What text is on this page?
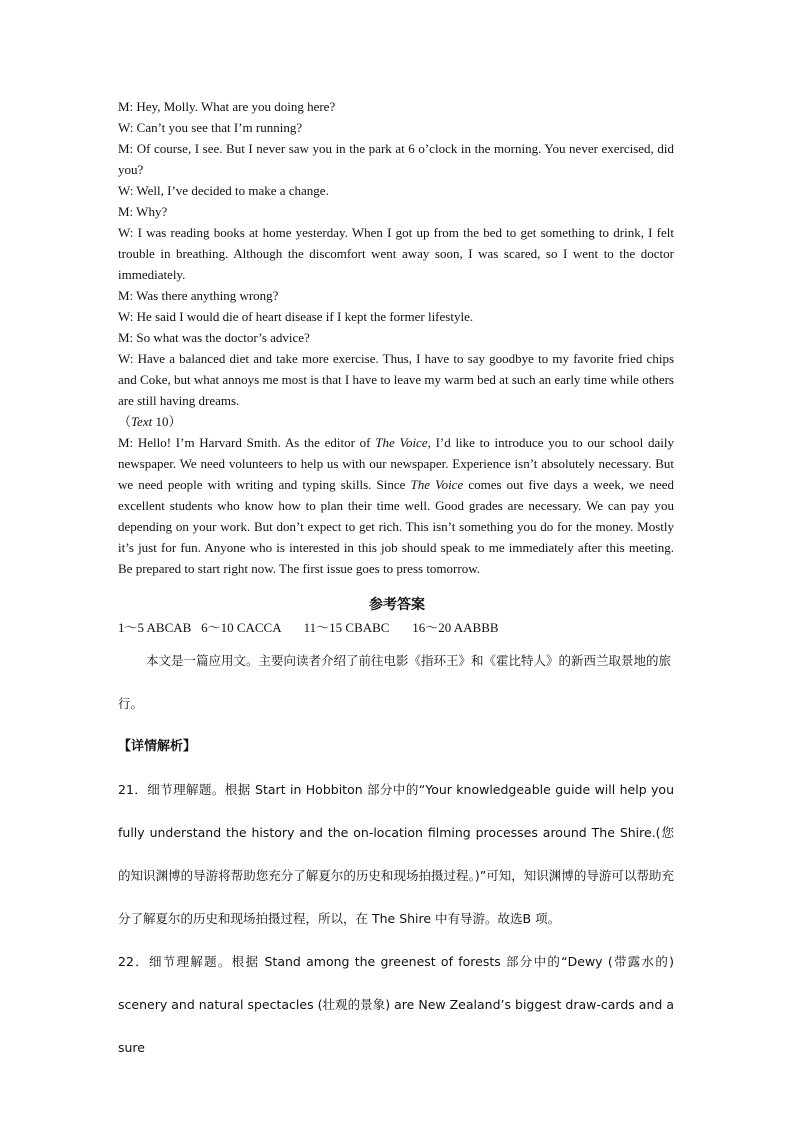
M: Hey, Molly. What are you doing here?

W: Can’t you see that I’m running?

M: Of course, I see. But I never saw you in the park at 6 o’clock in the morning. You never exercised, did you?

W: Well, I’ve decided to make a change.

M: Why?

W: I was reading books at home yesterday. When I got up from the bed to get something to drink, I felt trouble in breathing. Although the discomfort went away soon, I was scared, so I went to the doctor immediately.

M: Was there anything wrong?

W: He said I would die of heart disease if I kept the former lifestyle.

M: So what was the doctor’s advice?

W: Have a balanced diet and take more exercise. Thus, I have to say goodbye to my favorite fried chips and Coke, but what annoys me most is that I have to leave my warm bed at such an early time while others are still having dreams.

（Text 10）

M: Hello! I’m Harvard Smith. As the editor of The Voice, I’d like to introduce you to our school daily newspaper. We need volunteers to help us with our newspaper. Experience isn’t absolutely necessary. But we need people with writing and typing skills. Since The Voice comes out five days a week, we need excellent students who know how to plan their time well. Good grades are necessary. We can pay you depending on your work. But don’t expect to get rich. This isn’t something you do for the money. Mostly it’s just for fun. Anyone who is interested in this job should speak to me immediately after this meeting. Be prepared to start right now. The first issue goes to press tomorrow.

参考答案
1～5 ABCAB   6～10 CACCA       11～15 CBABC       16～20 AABBB

本文是一篇应用文。主要向读者介绍了前往电影《指环王》和《霍比特人》的新西兰取景地的旅行。

【详情解析】

21．细节理解题。根据 Start in Hobbiton 部分中的“Your knowledgeable guide will help you fully understand the history and the on-location filming processes around The Shire.(您的知识渊博的导游将帮助您充分了解夏尔的历史和现场拍摄过程。)”可知，知识渊博的导游可以帮助充分了解夏尔的历史和现场拍摄过程，所以，在 The Shire 中有导游。故选B 项。

22．细节理解题。根据 Stand among the greenest of forests 部分中的“Dewy (带露水的) scenery and natural spectacles (壮观的景象) are New Zealand’s biggest draw-cards and a sure
